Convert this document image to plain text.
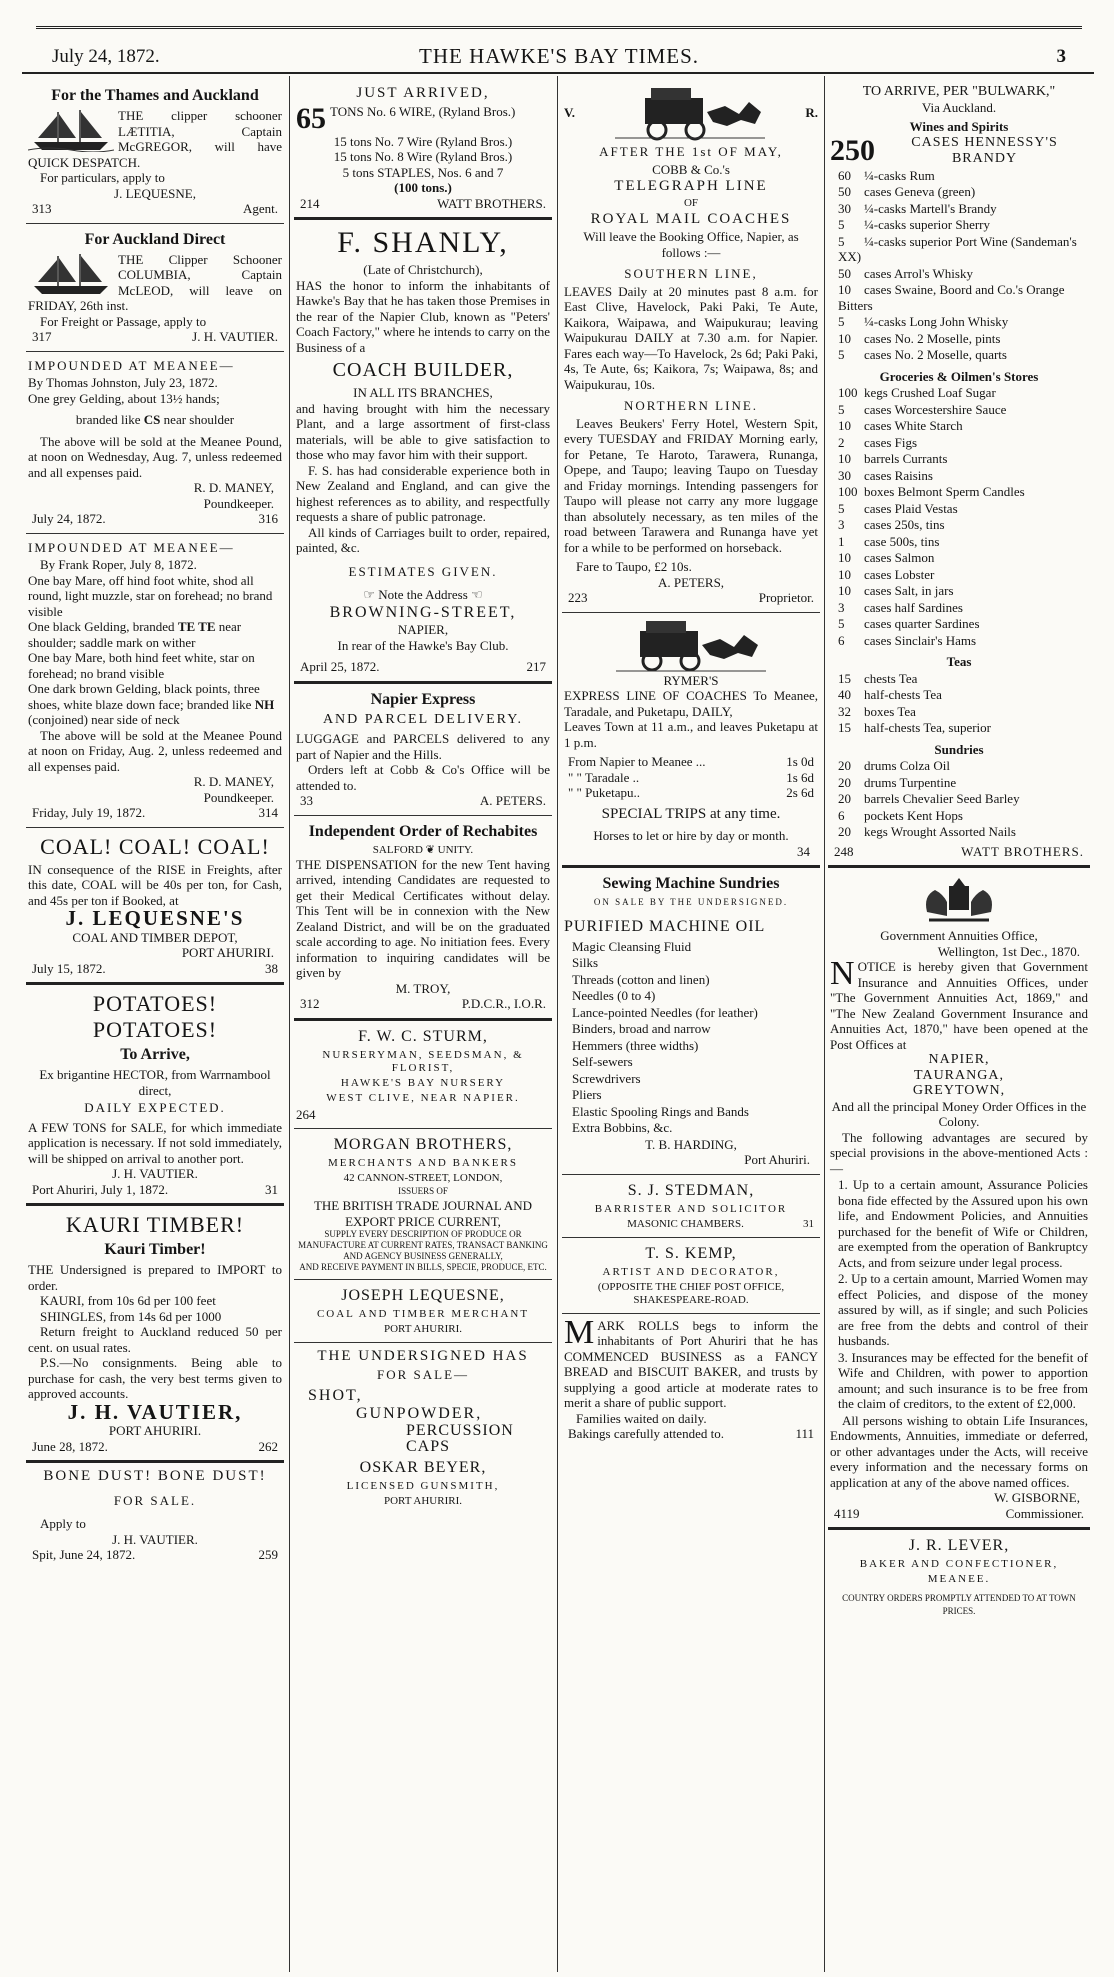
July 24, 1872.	THE HAWKE'S BAY TIMES.	3
For the Thames and Auckland
THE clipper schooner LÆTITIA, Captain McGREGOR, will have QUICK DESPATCH.
For particulars, apply to
J. LEQUESNE,
313	Agent.
For Auckland Direct
THE Clipper Schooner COLUMBIA, Captain McLEOD, will leave on FRIDAY, 26th inst.
For Freight or Passage, apply to
317	J. H. VAUTIER.
IMPOUNDED AT MEANEE—
By Thomas Johnston, July 23, 1872.
One grey Gelding, about 13½ hands;
branded like CS near shoulder
The above will be sold at the Meanee Pound, at noon on Wednesday, Aug. 7, unless redeemed and all expenses paid.
R. D. MANEY,
Poundkeeper.
July 24, 1872.	316
IMPOUNDED AT MEANEE—
By Frank Roper, July 8, 1872.
One bay Mare, off hind foot white, shod all round, light muzzle, star on forehead; no brand visible
One black Gelding, branded TE TE near shoulder; saddle mark on wither
One bay Mare, both hind feet white, star on forehead; no brand visible
One dark brown Gelding, black points, three shoes, white blaze down face; branded like NH (conjoined) near side of neck
The above will be sold at the Meanee Pound at noon on Friday, Aug. 2, unless redeemed and all expenses paid.
R. D. MANEY,
Poundkeeper.
Friday, July 19, 1872.	314
COAL! COAL! COAL!
IN consequence of the RISE in Freights, after this date, COAL will be 40s per ton, for Cash, and 45s per ton if Booked, at
J. LEQUESNE'S
COAL AND TIMBER DEPOT,
PORT AHURIRI.
July 15, 1872.	38
POTATOES! POTATOES!
To Arrive,
Ex brigantine HECTOR, from Warrnambool direct,
DAILY EXPECTED.
A FEW TONS for SALE, for which immediate application is necessary. If not sold immediately, will be shipped on arrival to another port.
J. H. VAUTIER.
Port Ahuriri, July 1, 1872.	31
KAURI TIMBER!
Kauri Timber!
THE Undersigned is prepared to IMPORT to order.
KAURI, from 10s 6d per 100 feet
SHINGLES, from 14s 6d per 1000
Return freight to Auckland reduced 50 per cent. on usual rates.
P.S.—No consignments. Being able to purchase for cash, the very best terms given to approved accounts.
J. H. VAUTIER,
PORT AHURIRI.
June 28, 1872.	262
BONE DUST! BONE DUST!
FOR SALE.
Apply to
J. H. VAUTIER.
Spit, June 24, 1872.	259
JUST ARRIVED,
65 TONS No. 6 WIRE, (Ryland Bros.)
15 tons No. 7 Wire (Ryland Bros.)
15 tons No. 8 Wire (Ryland Bros.)
5 tons STAPLES, Nos. 6 and 7
(100 tons.)
214	WATT BROTHERS.
F. SHANLY,
(Late of Christchurch),
HAS the honor to inform the inhabitants of Hawke's Bay that he has taken those Premises in the rear of the Napier Club, known as "Peters' Coach Factory," where he intends to carry on the Business of a
COACH BUILDER,
IN ALL ITS BRANCHES,
and having brought with him the necessary Plant, and a large assortment of first-class materials, will be able to give satisfaction to those who may favor him with their support.
F. S. has had considerable experience both in New Zealand and England, and can give the highest references as to ability, and respectfully requests a share of public patronage.
All kinds of Carriages built to order, repaired, painted, &c.
ESTIMATES GIVEN.
☞ Note the Address ☜
BROWNING-STREET,
NAPIER,
In rear of the Hawke's Bay Club.
April 25, 1872.	217
Napier Express
AND PARCEL DELIVERY.
LUGGAGE and PARCELS delivered to any part of Napier and the Hills.
Orders left at Cobb & Co's Office will be attended to.
33	A. PETERS.
Independent Order of Rechabites
SALFORD ❦ UNITY.
THE DISPENSATION for the new Tent having arrived, intending Candidates are requested to get their Medical Certificates without delay. This Tent will be in connexion with the New Zealand District, and will be on the graduated scale according to age. No initiation fees. Every information to inquiring candidates will be given by
M. TROY,
312	P.D.C.R., I.O.R.
F. W. C. STURM,
NURSERYMAN, SEEDSMAN, & FLORIST,
HAWKE'S BAY NURSERY
WEST CLIVE, NEAR NAPIER.
264
MORGAN BROTHERS,
MERCHANTS AND BANKERS
42 CANNON-STREET, LONDON,
ISSUERS OF
THE BRITISH TRADE JOURNAL AND EXPORT PRICE CURRENT,
SUPPLY EVERY DESCRIPTION OF PRODUCE OR MANUFACTURE AT CURRENT RATES, TRANSACT BANKING AND AGENCY BUSINESS GENERALLY,
AND RECEIVE PAYMENT IN BILLS, SPECIE, PRODUCE, ETC.
JOSEPH LEQUESNE,
COAL AND TIMBER MERCHANT
PORT AHURIRI.
THE UNDERSIGNED HAS
FOR SALE—
SHOT,
GUNPOWDER,
PERCUSSION CAPS
OSKAR BEYER,
LICENSED GUNSMITH,
PORT AHURIRI.
V.	R.
AFTER THE 1st OF MAY,
COBB & Co.'s
TELEGRAPH LINE
OF
ROYAL MAIL COACHES
Will leave the Booking Office, Napier, as follows :—
SOUTHERN LINE,
LEAVES Daily at 20 minutes past 8 a.m. for East Clive, Havelock, Paki Paki, Te Aute, Kaikora, Waipawa, and Waipukurau; leaving Waipukurau DAILY at 7.30 a.m. for Napier. Fares each way—To Havelock, 2s 6d; Paki Paki, 4s, Te Aute, 6s; Kaikora, 7s; Waipawa, 8s; and Waipukurau, 10s.
NORTHERN LINE.
Leaves Beukers' Ferry Hotel, Western Spit, every TUESDAY and FRIDAY Morning early, for Petane, Te Haroto, Tarawera, Runanga, Opepe, and Taupo; leaving Taupo on Tuesday and Friday mornings. Intending passengers for Taupo will please not carry any more luggage than absolutely necessary, as ten miles of the road between Tarawera and Runanga have yet for a while to be performed on horseback.
Fare to Taupo, £2 10s.
A. PETERS,
223	Proprietor.
RYMER'S
EXPRESS LINE OF COACHES To Meanee, Taradale, and Puketapu, DAILY,
Leaves Town at 11 a.m., and leaves Puketapu at 1 p.m.
From Napier to Meanee ...	1s 0d
" " Taradale ..	1s 6d
" " Puketapu..	2s 6d
SPECIAL TRIPS at any time.
Horses to let or hire by day or month.
34
Sewing Machine Sundries
ON SALE BY THE UNDERSIGNED.
PURIFIED MACHINE OIL
Magic Cleansing Fluid
Silks
Threads (cotton and linen)
Needles (0 to 4)
Lance-pointed Needles (for leather)
Binders, broad and narrow
Hemmers (three widths)
Self-sewers
Screwdrivers
Pliers
Elastic Spooling Rings and Bands
Extra Bobbins, &c.
T. B. HARDING,
Port Ahuriri.
S. J. STEDMAN,
BARRISTER AND SOLICITOR
MASONIC CHAMBERS.	31
T. S. KEMP,
ARTIST AND DECORATOR,
(OPPOSITE THE CHIEF POST OFFICE,
SHAKESPEARE-ROAD.
MARK ROLLS begs to inform the inhabitants of Port Ahuriri that he has COMMENCED BUSINESS as a FANCY BREAD and BISCUIT BAKER, and trusts by supplying a good article at moderate rates to merit a share of public support.
Families waited on daily.
Bakings carefully attended to.	111
TO ARRIVE, PER "BULWARK,"
Via Auckland.
Wines and Spirits
250	CASES HENNESSY'S BRANDY
60 ¼-casks Rum
50 cases Geneva (green)
30 ¼-casks Martell's Brandy
5 ¼-casks superior Sherry
5 ¼-casks superior Port Wine (Sandeman's XX)
50 cases Arrol's Whisky
10 cases Swaine, Boord and Co.'s Orange Bitters
5 ¼-casks Long John Whisky
10 cases No. 2 Moselle, pints
5 cases No. 2 Moselle, quarts
Groceries & Oilmen's Stores
100 kegs Crushed Loaf Sugar
5 cases Worcestershire Sauce
10 cases White Starch
2 cases Figs
10 barrels Currants
30 cases Raisins
100 boxes Belmont Sperm Candles
5 cases Plaid Vestas
3 cases 250s, tins
1 case 500s, tins
10 cases Salmon
10 cases Lobster
10 cases Salt, in jars
3 cases half Sardines
5 cases quarter Sardines
6 cases Sinclair's Hams
Teas
15 chests Tea
40 half-chests Tea
32 boxes Tea
15 half-chests Tea, superior
Sundries
20 drums Colza Oil
20 drums Turpentine
20 barrels Chevalier Seed Barley
6 pockets Kent Hops
20 kegs Wrought Assorted Nails
248	WATT BROTHERS.
Government Annuities Office,
Wellington, 1st Dec., 1870.
NOTICE is hereby given that Government Insurance and Annuities Offices, under "The Government Annuities Act, 1869," and "The New Zealand Government Insurance and Annuities Act, 1870," have been opened at the Post Offices at
NAPIER,
TAURANGA,
GREYTOWN,
And all the principal Money Order Offices in the Colony.
The following advantages are secured by special provisions in the above-mentioned Acts :—
1. Up to a certain amount, Assurance Policies bona fide effected by the Assured upon his own life, and Endowment Policies, and Annuities purchased for the benefit of Wife or Children, are exempted from the operation of Bankruptcy Acts, and from seizure under legal process.
2. Up to a certain amount, Married Women may effect Policies, and dispose of the money assured by will, as if single; and such Policies are free from the debts and control of their husbands.
3. Insurances may be effected for the benefit of Wife and Children, with power to apportion amount; and such insurance is to be free from the claim of creditors, to the extent of £2,000.
All persons wishing to obtain Life Insurances, Endowments, Annuities, immediate or deferred, or other advantages under the Acts, will receive every information and the necessary forms on application at any of the above named offices.
W. GISBORNE,
4119	Commissioner.
J. R. LEVER,
BAKER AND CONFECTIONER,
MEANEE.
COUNTRY ORDERS PROMPTLY ATTENDED TO AT TOWN PRICES.
